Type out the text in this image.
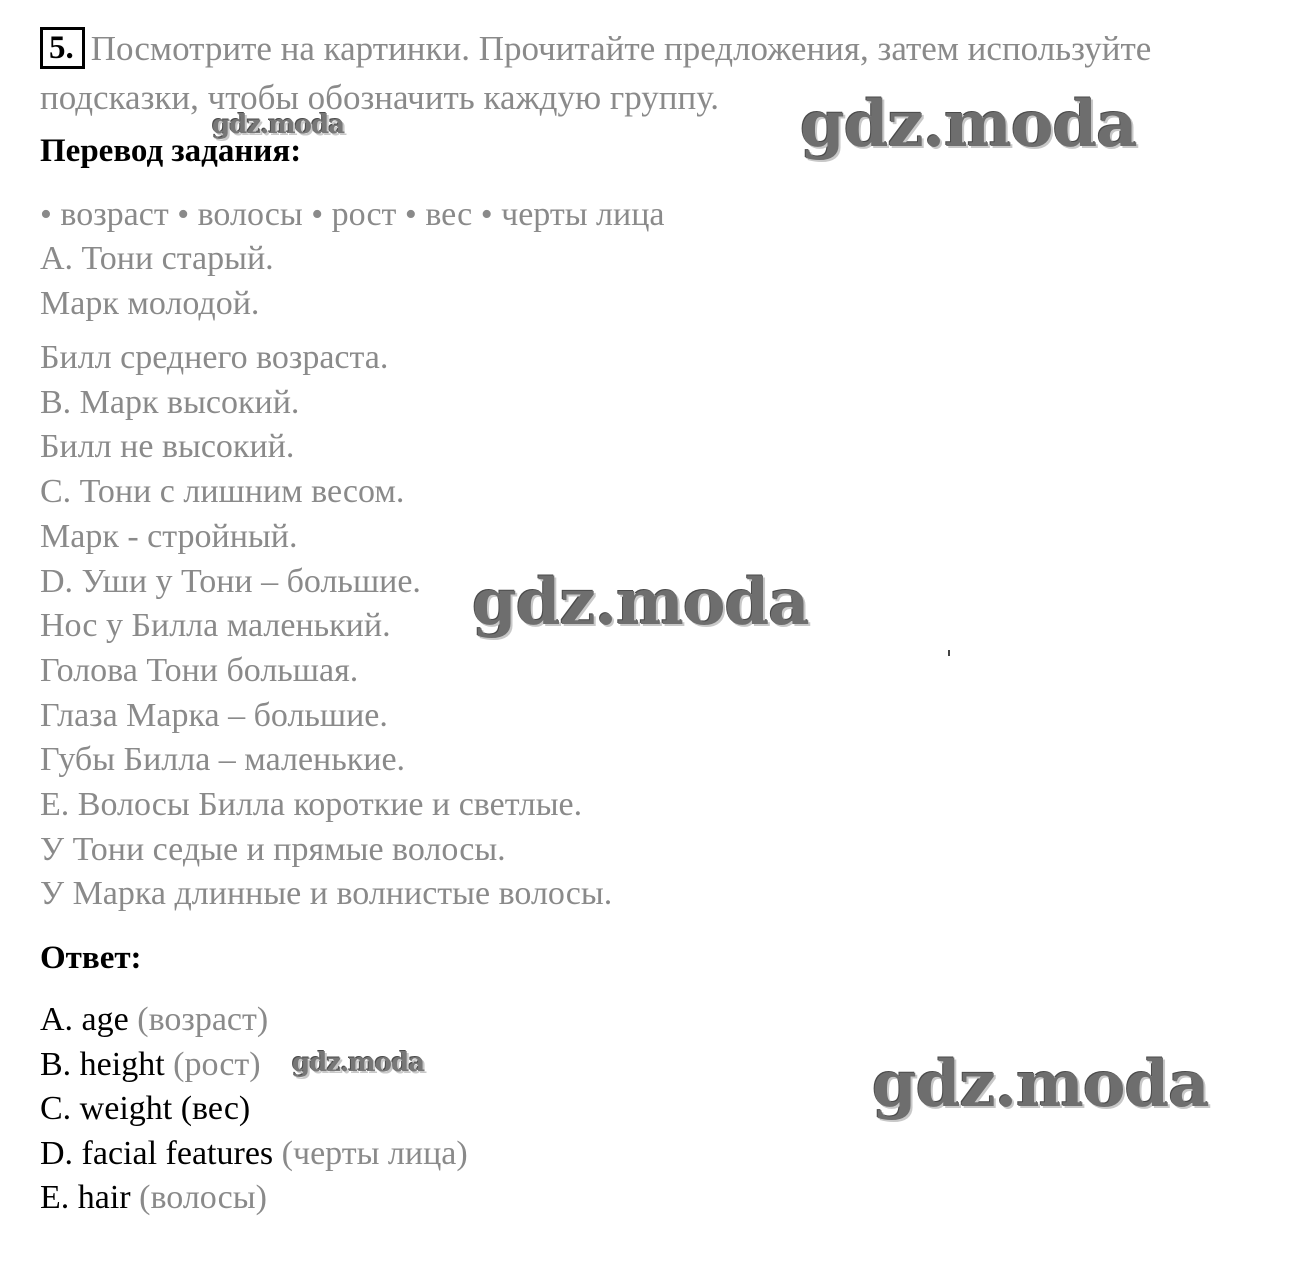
5. Посмотрите на картинки. Прочитайте предложения, затем используйте
подсказки, чтобы обозначить каждую группу.
Перевод задания:
• возраст • волосы • рост • вес • черты лица
А. Тони старый.
Марк молодой.
Билл среднего возраста.
В. Марк высокий.
Билл не высокий.
С. Тони с лишним весом.
Марк - стройный.
D. Уши у Тони – большие.
Нос у Билла маленький.
Голова Тони большая.
Глаза Марка – большие.
Губы Билла – маленькие.
E. Волосы Билла короткие и светлые.
У Тони седые и прямые волосы.
У Марка длинные и волнистые волосы.
Ответ:
A. age (возраст)
B. height (рост)
C. weight (вес)
D. facial features (черты лица)
E. hair (волосы)
gdz.moda
gdz.moda
gdz.moda
gdz.moda	gdz.moda
